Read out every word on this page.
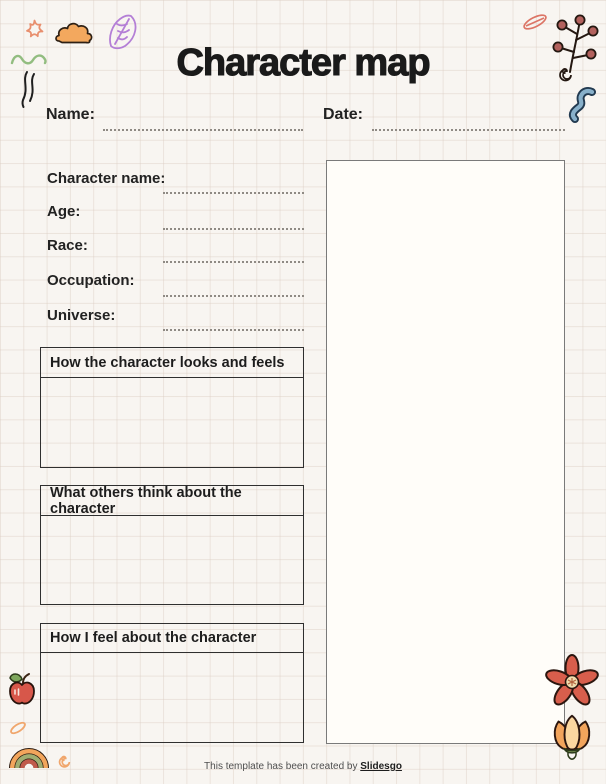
Character map
Name:	Date:
Character name:
Age:
Race:
Occupation:
Universe:
How the character looks and feels
What others think about the character
How I feel about the character
This template has been created by Slidesgo
